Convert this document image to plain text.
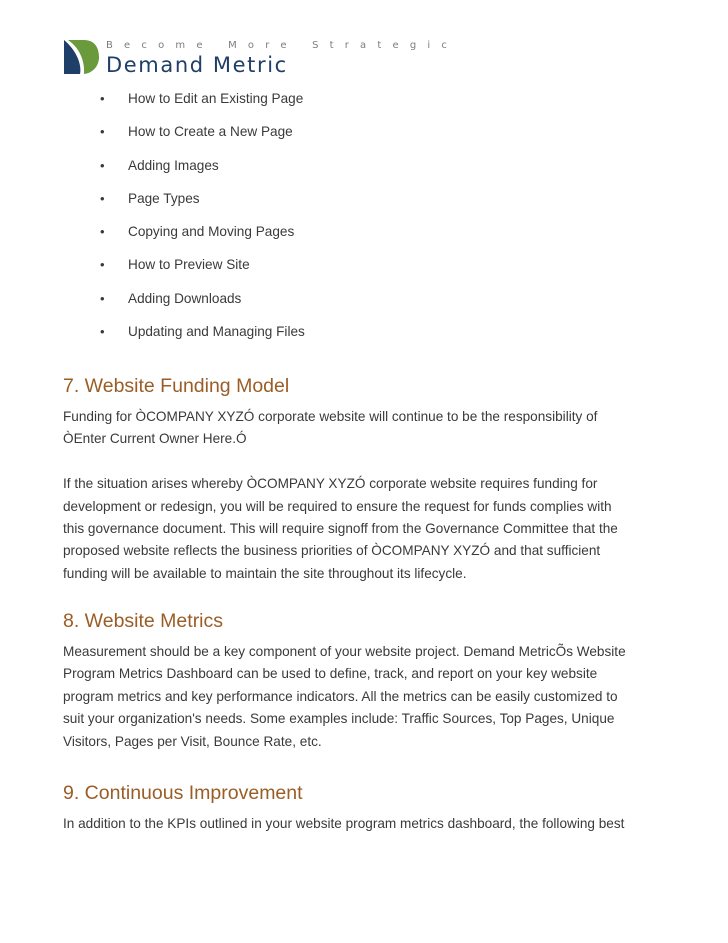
Become More Strategic
Demand Metric
•	How to Edit an Existing Page
•	How to Create a New Page
•	Adding Images
•	Page Types
•	Copying and Moving Pages
•	How to Preview Site
•	Adding Downloads
•	Updating and Managing Files
7. Website Funding Model

Funding for ÒCOMPANY XYZÓ corporate website will continue to be the responsibility of

ÒEnter Current Owner Here.Ó

If the situation arises whereby ÒCOMPANY XYZÓ corporate website requires funding for

development or redesign, you will be required to ensure the request for funds complies with

this governance document. This will require signoff from the Governance Committee that the

proposed website reflects the business priorities of ÒCOMPANY XYZÓ and that sufficient

funding will be available to maintain the site throughout its lifecycle.

8. Website Metrics

Measurement should be a key component of your website project. Demand MetricÕs Website

Program Metrics Dashboard can be used to define, track, and report on your key website

program metrics and key performance indicators. All the metrics can be easily customized to

suit your organization's needs. Some examples include: Traffic Sources, Top Pages, Unique

Visitors, Pages per Visit, Bounce Rate, etc.

9. Continuous Improvement

In addition to the KPIs outlined in your website program metrics dashboard, the following best
